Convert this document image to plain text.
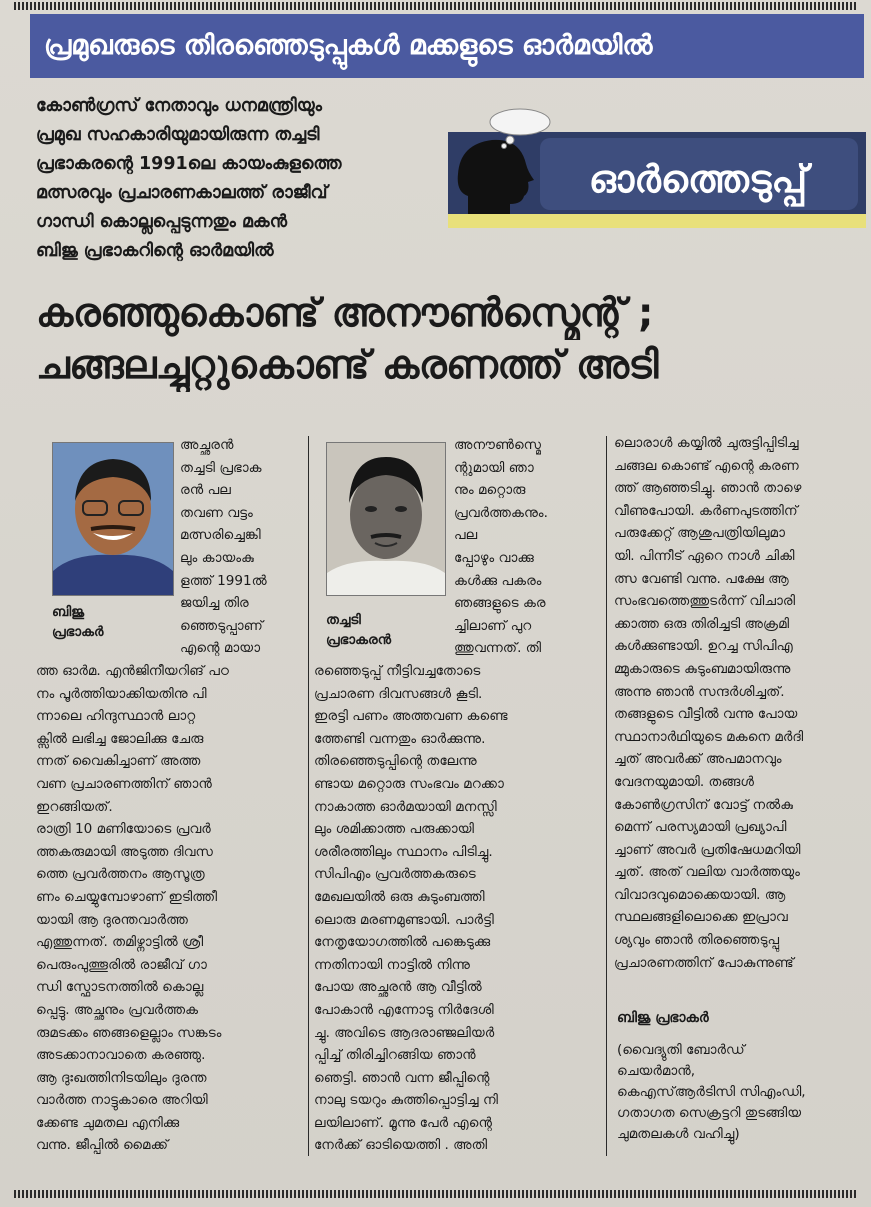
പ്രമുഖരുടെ തിരഞ്ഞെടുപ്പുകൾ മക്കളുടെ ഓർമയിൽ
കോൺഗ്രസ് നേതാവും ധനമന്ത്രിയും
പ്രമുഖ സഹകാരിയുമായിരുന്ന തച്ചടി
പ്രഭാകരന്റെ 1991ലെ കായംകുളത്തെ
മത്സരവും പ്രചാരണകാലത്ത് രാജീവ്
ഗാന്ധി കൊല്ലപ്പെടുന്നതും മകൻ
ബിജു പ്രഭാകറിന്റെ ഓർമയിൽ
ഓർത്തെടുപ്പ്
കരഞ്ഞുകൊണ്ട് അനൗൺസ്മെന്റ് ;
ചങ്ങലച്ചുറ്റുകൊണ്ട് കരണത്ത് അടി
ബിജു
പ്രഭാകർ
തച്ചടി
പ്രഭാകരൻ
അച്ഛരൻ
തച്ചടി പ്രഭാക
രൻ പല
തവണ വട്ടം
മത്സരിച്ചെങ്കി
ലും കായംകു
ളത്ത് 1991ൽ
ജയിച്ച തിര
ഞ്ഞെടുപ്പാണ്
എന്റെ മായാ
ത്ത ഓർമ. എൻജിനീയറിങ് പഠ
നം പൂർത്തിയാക്കിയതിനു പി
ന്നാലെ ഹിന്ദുസ്ഥാൻ ലാറ്റ
ക്സിൽ ലഭിച്ച ജോലിക്കു ചേരു
ന്നത് വൈകിച്ചാണ് അത്ത
വണ പ്രചാരണത്തിന് ഞാൻ
ഇറങ്ങിയത്.
രാത്രി 10 മണിയോടെ പ്രവർ
ത്തകരുമായി അടുത്ത ദിവസ
ത്തെ പ്രവർത്തനം ആസൂത്ര
ണം ചെയ്യുമ്പോഴാണ് ഇടിത്തീ
യായി ആ ദുരന്തവാർത്ത
എത്തുന്നത്. തമിഴ്നാട്ടിൽ ശ്രീ
പെരുംപുത്തൂരിൽ രാജീവ് ഗാ
ന്ധി സ്ഫോടനത്തിൽ കൊല്ല
പ്പെട്ടു. അച്ഛനും പ്രവർത്തക
രുമടക്കം ഞങ്ങളെല്ലാം സങ്കടം
അടക്കാനാവാതെ കരഞ്ഞു.
ആ ദുഃഖത്തിനിടയിലും ദുരന്ത
വാർത്ത നാട്ടുകാരെ അറിയി
ക്കേണ്ട ചുമതല എനിക്കു
വന്നു. ജീപ്പിൽ മൈക്ക്
അനൗൺസ്മെ
ന്റുമായി ഞാ
നും മറ്റൊരു
പ്രവർത്തകനും.
പല
പ്പോഴും വാക്കു
കൾക്കു പകരം
ഞങ്ങളുടെ കര
ച്ചിലാണ് പുറ
ത്തുവന്നത്. തി
രഞ്ഞെടുപ്പ് നീട്ടിവച്ചതോടെ
പ്രചാരണ ദിവസങ്ങൾ കൂടി.
ഇരട്ടി പണം അത്തവണ കണ്ടെ
ത്തേണ്ടി വന്നതും ഓർക്കുന്നു.
തിരഞ്ഞെടുപ്പിന്റെ തലേന്നു
ണ്ടായ മറ്റൊരു സംഭവം മറക്കാ
നാകാത്ത ഓർമയായി മനസ്സി
ലും ശമിക്കാത്ത പരുക്കായി
ശരീരത്തിലും സ്ഥാനം പിടിച്ചു.
സിപിഎം പ്രവർത്തകരുടെ
മേഖലയിൽ ഒരു കുടുംബത്തി
ലൊരു മരണമുണ്ടായി. പാർട്ടി
നേതൃയോഗത്തിൽ പങ്കെടുക്കു
ന്നതിനായി നാട്ടിൽ നിന്നു
പോയ അച്ഛരൻ ആ വീട്ടിൽ
പോകാൻ എന്നോടു നിർദേശി
ച്ചു. അവിടെ ആദരാഞ്ജലിയർ
പ്പിച്ച് തിരിച്ചിറങ്ങിയ ഞാൻ
ഞെട്ടി. ഞാൻ വന്ന ജീപ്പിന്റെ
നാലു ടയറും കുത്തിപ്പൊട്ടിച്ച നി
ലയിലാണ്. മൂന്നു പേർ എന്റെ
നേർക്ക് ഓടിയെത്തി . അതി
ലൊരാൾ കയ്യിൽ ചുരുട്ടിപ്പിടിച്ച
ചങ്ങല കൊണ്ട് എന്റെ കരണ
ത്ത് ആഞ്ഞടിച്ചു. ഞാൻ താഴെ
വീണുപോയി. കർണപുടത്തിന്
പരുക്കേറ്റ് ആശുപത്രിയിലുമാ
യി. പിന്നീട് ഏറെ നാൾ ചികി
ത്സ വേണ്ടി വന്നു. പക്ഷേ ആ
സംഭവത്തെത്തുടർന്ന് വിചാരി
ക്കാത്ത ഒരു തിരിച്ചടി അക്രമി
കൾക്കുണ്ടായി. ഉറച്ച സിപിഎ
മ്മുകാരുടെ കുടുംബമായിരുന്നു
അന്നു ഞാൻ സന്ദർശിച്ചത്.
തങ്ങളുടെ വീട്ടിൽ വന്നു പോയ
സ്ഥാനാർഥിയുടെ മകനെ മർദി
ച്ചത് അവർക്ക് അപമാനവും
വേദനയുമായി. തങ്ങൾ
കോൺഗ്രസിന് വോട്ട് നൽകു
മെന്ന് പരസ്യമായി പ്രഖ്യാപി
ച്ചാണ് അവർ പ്രതിഷേധമറിയി
ച്ചത്. അത് വലിയ വാർത്തയും
വിവാദവുമൊക്കെയായി. ആ
സ്ഥലങ്ങളിലൊക്കെ ഇപ്രാവ
ശ്യവും ഞാൻ തിരഞ്ഞെടുപ്പു
പ്രചാരണത്തിന് പോകുന്നുണ്ട്
ബിജു പ്രഭാകർ
(വൈദ്യുതി ബോർഡ്
ചെയർമാൻ,
കെഎസ്ആർടിസി സിഎംഡി,
ഗതാഗത സെക്രട്ടറി തുടങ്ങിയ
ചുമതലകൾ വഹിച്ചു)
